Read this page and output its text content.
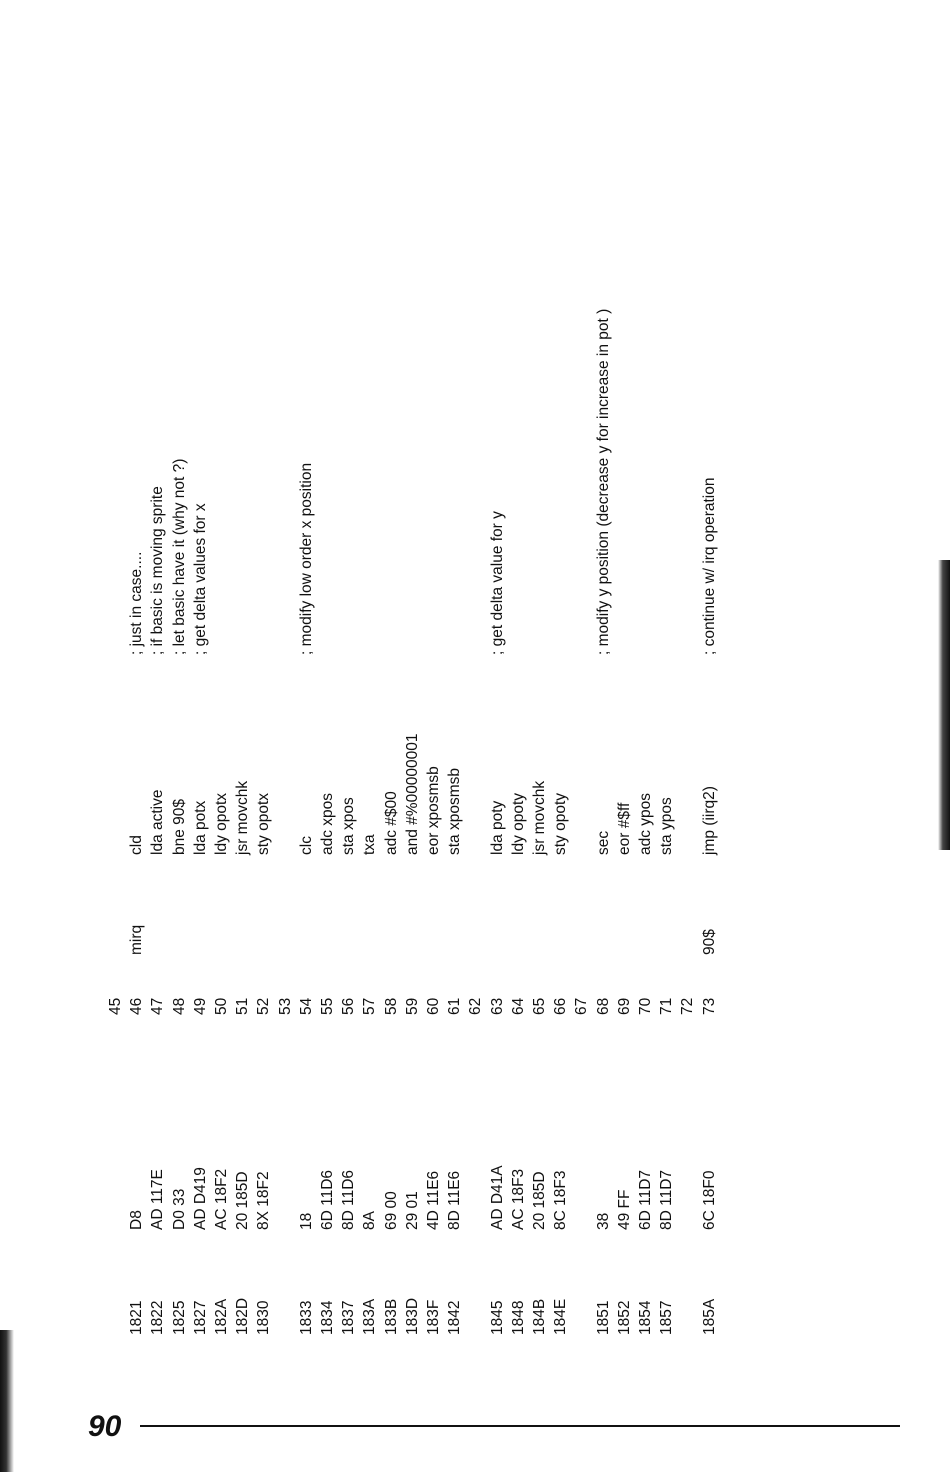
45
1821
D8
46
mirq
cld
; just in case....
1822
AD 117E
47
lda active
; if basic is moving sprite
1825
D0 33
48
bne 90$
; let basic have it (why not ?)
1827
AD D419
49
lda potx
; get delta values for x
182A
AC 18F2
50
ldy opotx
182D
20 185D
51
jsr movchk
1830
8X 18F2
52
sty opotx
53
1833
18
54
clc
; modify low order x position
1834
6D 11D6
55
adc xpos
1837
8D 11D6
56
sta xpos
183A
8A
57
txa
183B
69 00
58
adc #$00
183D
29 01
59
and #%00000001
183F
4D 11E6
60
eor xposmsb
1842
8D 11E6
61
sta xposmsb
62
1845
AD D41A
63
lda poty
; get delta value for y
1848
AC 18F3
64
ldy opoty
184B
20 185D
65
jsr movchk
184E
8C 18F3
66
sty opoty
67
1851
38
68
sec
; modify y position (decrease y for increase in pot )
1852
49 FF
69
eor #$ff
1854
6D 11D7
70
adc ypos
1857
8D 11D7
71
sta ypos
72
185A
6C 18F0
73
90$
jmp (iirq2)
; continue w/ irq operation
90
